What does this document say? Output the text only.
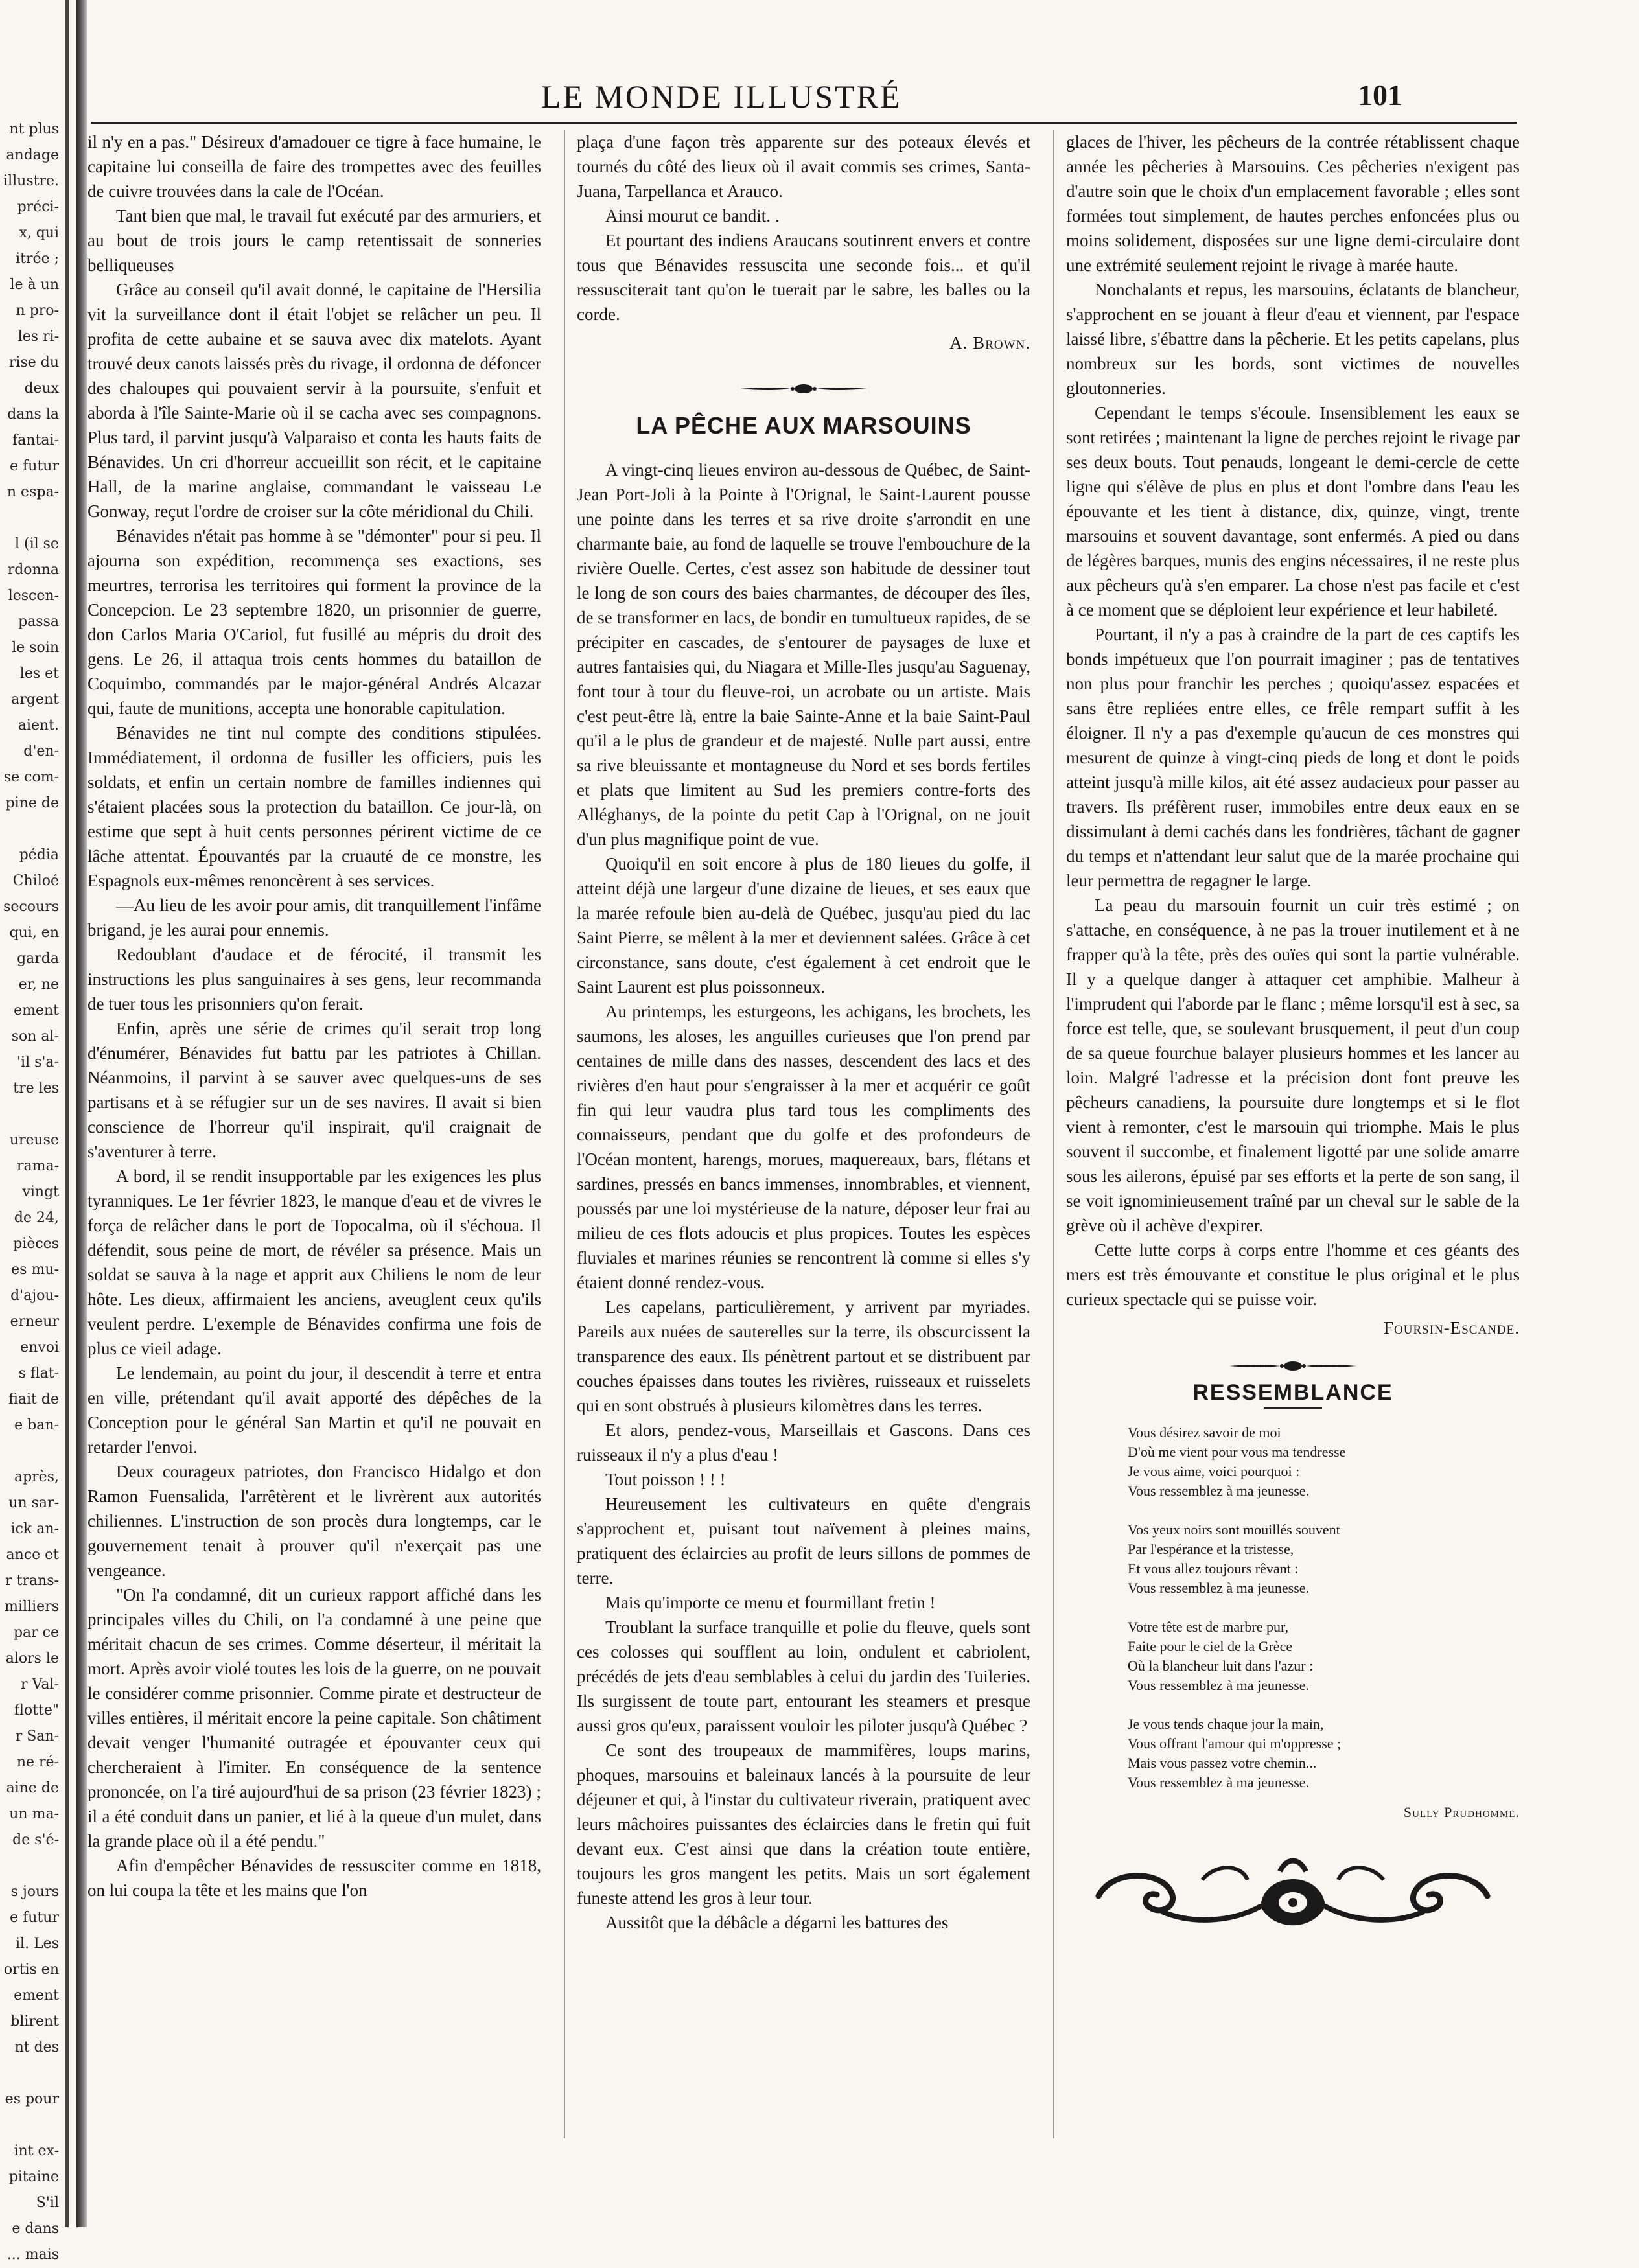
nt plus
andage
illustre.
préci-
x, qui
itrée ;
le à un
n pro-
les ri-
rise du
deux
dans la
fantai-
e futur
n espa-

l (il se
rdonna
lescen-
passa
le soin
les et
argent
aient.
d'en-
se com-
pine de

pédia
Chiloé
secours
qui, en
garda
er, ne
ement
son al-
'il s'a-
tre les

ureuse
rama-
vingt
de 24,
pièces
es mu-
d'ajou-
erneur
envoi
s flat-
fiait de
e ban-

après,
un sar-
ick an-
ance et
r trans-
milliers
par ce
alors le
r Val-
flotte"
r San-
ne ré-
aine de
un ma-
de s'é-

s jours
e futur
il. Les
ortis en
ement
blirent
nt des

es pour

int ex-
pitaine
S'il
e dans
... mais
LE MONDE ILLUSTRÉ	101

il n'y en a pas." Désireux d'amadouer ce tigre à face humaine, le capitaine lui conseilla de faire des trompettes avec des feuilles de cuivre trouvées dans la cale de l'Océan.

Tant bien que mal, le travail fut exécuté par des armuriers, et au bout de trois jours le camp retentissait de sonneries belliqueuses

Grâce au conseil qu'il avait donné, le capitaine de l'Hersilia vit la surveillance dont il était l'objet se relâcher un peu. Il profita de cette aubaine et se sauva avec dix matelots. Ayant trouvé deux canots laissés près du rivage, il ordonna de défoncer des chaloupes qui pouvaient servir à la poursuite, s'enfuit et aborda à l'île Sainte-Marie où il se cacha avec ses compagnons. Plus tard, il parvint jusqu'à Valparaiso et conta les hauts faits de Bénavides. Un cri d'horreur accueillit son récit, et le capitaine Hall, de la marine anglaise, commandant le vaisseau Le Gonway, reçut l'ordre de croiser sur la côte méridional du Chili.

Bénavides n'était pas homme à se "démonter" pour si peu. Il ajourna son expédition, recommença ses exactions, ses meurtres, terrorisa les territoires qui forment la province de la Concepcion. Le 23 septembre 1820, un prisonnier de guerre, don Carlos Maria O'Cariol, fut fusillé au mépris du droit des gens. Le 26, il attaqua trois cents hommes du bataillon de Coquimbo, commandés par le major-général Andrés Alcazar qui, faute de munitions, accepta une honorable capitulation.

Bénavides ne tint nul compte des conditions stipulées. Immédiatement, il ordonna de fusiller les officiers, puis les soldats, et enfin un certain nombre de familles indiennes qui s'étaient placées sous la protection du bataillon. Ce jour-là, on estime que sept à huit cents personnes périrent victime de ce lâche attentat. Épouvantés par la cruauté de ce monstre, les Espagnols eux-mêmes renoncèrent à ses services.

—Au lieu de les avoir pour amis, dit tranquillement l'infâme brigand, je les aurai pour ennemis.

Redoublant d'audace et de férocité, il transmit les instructions les plus sanguinaires à ses gens, leur recommanda de tuer tous les prisonniers qu'on ferait.

Enfin, après une série de crimes qu'il serait trop long d'énumérer, Bénavides fut battu par les patriotes à Chillan. Néanmoins, il parvint à se sauver avec quelques-uns de ses partisans et à se réfugier sur un de ses navires. Il avait si bien conscience de l'horreur qu'il inspirait, qu'il craignait de s'aventurer à terre.

A bord, il se rendit insupportable par les exigences les plus tyranniques. Le 1er février 1823, le manque d'eau et de vivres le força de relâcher dans le port de Topocalma, où il s'échoua. Il défendit, sous peine de mort, de révéler sa présence. Mais un soldat se sauva à la nage et apprit aux Chiliens le nom de leur hôte. Les dieux, affirmaient les anciens, aveuglent ceux qu'ils veulent perdre. L'exemple de Bénavides confirma une fois de plus ce vieil adage.

Le lendemain, au point du jour, il descendit à terre et entra en ville, prétendant qu'il avait apporté des dépêches de la Conception pour le général San Martin et qu'il ne pouvait en retarder l'envoi.

Deux courageux patriotes, don Francisco Hidalgo et don Ramon Fuensalida, l'arrêtèrent et le livrèrent aux autorités chiliennes. L'instruction de son procès dura longtemps, car le gouvernement tenait à prouver qu'il n'exerçait pas une vengeance.

"On l'a condamné, dit un curieux rapport affiché dans les principales villes du Chili, on l'a condamné à une peine que méritait chacun de ses crimes. Comme déserteur, il méritait la mort. Après avoir violé toutes les lois de la guerre, on ne pouvait le considérer comme prisonnier. Comme pirate et destructeur de villes entières, il méritait encore la peine capitale. Son châtiment devait venger l'humanité outragée et épouvanter ceux qui chercheraient à l'imiter. En conséquence de la sentence prononcée, on l'a tiré aujourd'hui de sa prison (23 février 1823) ; il a été conduit dans un panier, et lié à la queue d'un mulet, dans la grande place où il a été pendu."

Afin d'empêcher Bénavides de ressusciter comme en 1818, on lui coupa la tête et les mains que l'on

plaça d'une façon très apparente sur des poteaux élevés et tournés du côté des lieux où il avait commis ses crimes, Santa-Juana, Tarpellanca et Arauco.

Ainsi mourut ce bandit. .

Et pourtant des indiens Araucans soutinrent envers et contre tous que Bénavides ressuscita une seconde fois... et qu'il ressusciterait tant qu'on le tuerait par le sabre, les balles ou la corde.

A. Brown.

LA PÊCHE AUX MARSOUINS

A vingt-cinq lieues environ au-dessous de Québec, de Saint-Jean Port-Joli à la Pointe à l'Orignal, le Saint-Laurent pousse une pointe dans les terres et sa rive droite s'arrondit en une charmante baie, au fond de laquelle se trouve l'embouchure de la rivière Ouelle. Certes, c'est assez son habitude de dessiner tout le long de son cours des baies charmantes, de découper des îles, de se transformer en lacs, de bondir en tumultueux rapides, de se précipiter en cascades, de s'entourer de paysages de luxe et autres fantaisies qui, du Niagara et Mille-Iles jusqu'au Saguenay, font tour à tour du fleuve-roi, un acrobate ou un artiste. Mais c'est peut-être là, entre la baie Sainte-Anne et la baie Saint-Paul qu'il a le plus de grandeur et de majesté. Nulle part aussi, entre sa rive bleuissante et montagneuse du Nord et ses bords fertiles et plats que limitent au Sud les premiers contre-forts des Alléghanys, de la pointe du petit Cap à l'Orignal, on ne jouit d'un plus magnifique point de vue.

Quoiqu'il en soit encore à plus de 180 lieues du golfe, il atteint déjà une largeur d'une dizaine de lieues, et ses eaux que la marée refoule bien au-delà de Québec, jusqu'au pied du lac Saint Pierre, se mêlent à la mer et deviennent salées. Grâce à cet circonstance, sans doute, c'est également à cet endroit que le Saint Laurent est plus poissonneux.

Au printemps, les esturgeons, les achigans, les brochets, les saumons, les aloses, les anguilles curieuses que l'on prend par centaines de mille dans des nasses, descendent des lacs et des rivières d'en haut pour s'engraisser à la mer et acquérir ce goût fin qui leur vaudra plus tard tous les compliments des connaisseurs, pendant que du golfe et des profondeurs de l'Océan montent, harengs, morues, maquereaux, bars, flétans et sardines, pressés en bancs immenses, innombrables, et viennent, poussés par une loi mystérieuse de la nature, déposer leur frai au milieu de ces flots adoucis et plus propices. Toutes les espèces fluviales et marines réunies se rencontrent là comme si elles s'y étaient donné rendez-vous.

Les capelans, particulièrement, y arrivent par myriades. Pareils aux nuées de sauterelles sur la terre, ils obscurcissent la transparence des eaux. Ils pénètrent partout et se distribuent par couches épaisses dans toutes les rivières, ruisseaux et ruisselets qui en sont obstrués à plusieurs kilomètres dans les terres.

Et alors, pendez-vous, Marseillais et Gascons. Dans ces ruisseaux il n'y a plus d'eau !

Tout poisson ! ! !

Heureusement les cultivateurs en quête d'engrais s'approchent et, puisant tout naïvement à pleines mains, pratiquent des éclaircies au profit de leurs sillons de pommes de terre.

Mais qu'importe ce menu et fourmillant fretin !

Troublant la surface tranquille et polie du fleuve, quels sont ces colosses qui soufflent au loin, ondulent et cabriolent, précédés de jets d'eau semblables à celui du jardin des Tuileries. Ils surgissent de toute part, entourant les steamers et presque aussi gros qu'eux, paraissent vouloir les piloter jusqu'à Québec ?

Ce sont des troupeaux de mammifères, loups marins, phoques, marsouins et baleinaux lancés à la poursuite de leur déjeuner et qui, à l'instar du cultivateur riverain, pratiquent avec leurs mâchoires puissantes des éclaircies dans le fretin qui fuit devant eux. C'est ainsi que dans la création toute entière, toujours les gros mangent les petits. Mais un sort également funeste attend les gros à leur tour.

Aussitôt que la débâcle a dégarni les battures des

glaces de l'hiver, les pêcheurs de la contrée rétablissent chaque année les pêcheries à Marsouins. Ces pêcheries n'exigent pas d'autre soin que le choix d'un emplacement favorable ; elles sont formées tout simplement, de hautes perches enfoncées plus ou moins solidement, disposées sur une ligne demi-circulaire dont une extrémité seulement rejoint le rivage à marée haute.

Nonchalants et repus, les marsouins, éclatants de blancheur, s'approchent en se jouant à fleur d'eau et viennent, par l'espace laissé libre, s'ébattre dans la pêcherie. Et les petits capelans, plus nombreux sur les bords, sont victimes de nouvelles gloutonneries.

Cependant le temps s'écoule. Insensiblement les eaux se sont retirées ; maintenant la ligne de perches rejoint le rivage par ses deux bouts. Tout penauds, longeant le demi-cercle de cette ligne qui s'élève de plus en plus et dont l'ombre dans l'eau les épouvante et les tient à distance, dix, quinze, vingt, trente marsouins et souvent davantage, sont enfermés. A pied ou dans de légères barques, munis des engins nécessaires, il ne reste plus aux pêcheurs qu'à s'en emparer. La chose n'est pas facile et c'est à ce moment que se déploient leur expérience et leur habileté.

Pourtant, il n'y a pas à craindre de la part de ces captifs les bonds impétueux que l'on pourrait imaginer ; pas de tentatives non plus pour franchir les perches ; quoiqu'assez espacées et sans être repliées entre elles, ce frêle rempart suffit à les éloigner. Il n'y a pas d'exemple qu'aucun de ces monstres qui mesurent de quinze à vingt-cinq pieds de long et dont le poids atteint jusqu'à mille kilos, ait été assez audacieux pour passer au travers. Ils préfèrent ruser, immobiles entre deux eaux en se dissimulant à demi cachés dans les fondrières, tâchant de gagner du temps et n'attendant leur salut que de la marée prochaine qui leur permettra de regagner le large.

La peau du marsouin fournit un cuir très estimé ; on s'attache, en conséquence, à ne pas la trouer inutilement et à ne frapper qu'à la tête, près des ouïes qui sont la partie vulnérable. Il y a quelque danger à attaquer cet amphibie. Malheur à l'imprudent qui l'aborde par le flanc ; même lorsqu'il est à sec, sa force est telle, que, se soulevant brusquement, il peut d'un coup de sa queue fourchue balayer plusieurs hommes et les lancer au loin. Malgré l'adresse et la précision dont font preuve les pêcheurs canadiens, la poursuite dure longtemps et si le flot vient à remonter, c'est le marsouin qui triomphe. Mais le plus souvent il succombe, et finalement ligotté par une solide amarre sous les ailerons, épuisé par ses efforts et la perte de son sang, il se voit ignominieusement traîné par un cheval sur le sable de la grève où il achève d'expirer.

Cette lutte corps à corps entre l'homme et ces géants des mers est très émouvante et constitue le plus original et le plus curieux spectacle qui se puisse voir.

Foursin-Escande.

RESSEMBLANCE
Vous désirez savoir de moi
D'où me vient pour vous ma tendresse
Je vous aime, voici pourquoi :
Vous ressemblez à ma jeunesse.
Vos yeux noirs sont mouillés souvent
Par l'espérance et la tristesse,
Et vous allez toujours rêvant :
Vous ressemblez à ma jeunesse.
Votre tête est de marbre pur,
Faite pour le ciel de la Grèce
Où la blancheur luit dans l'azur :
Vous ressemblez à ma jeunesse.
Je vous tends chaque jour la main,
Vous offrant l'amour qui m'oppresse ;
Mais vous passez votre chemin...
Vous ressemblez à ma jeunesse.
Sully Prudhomme.
